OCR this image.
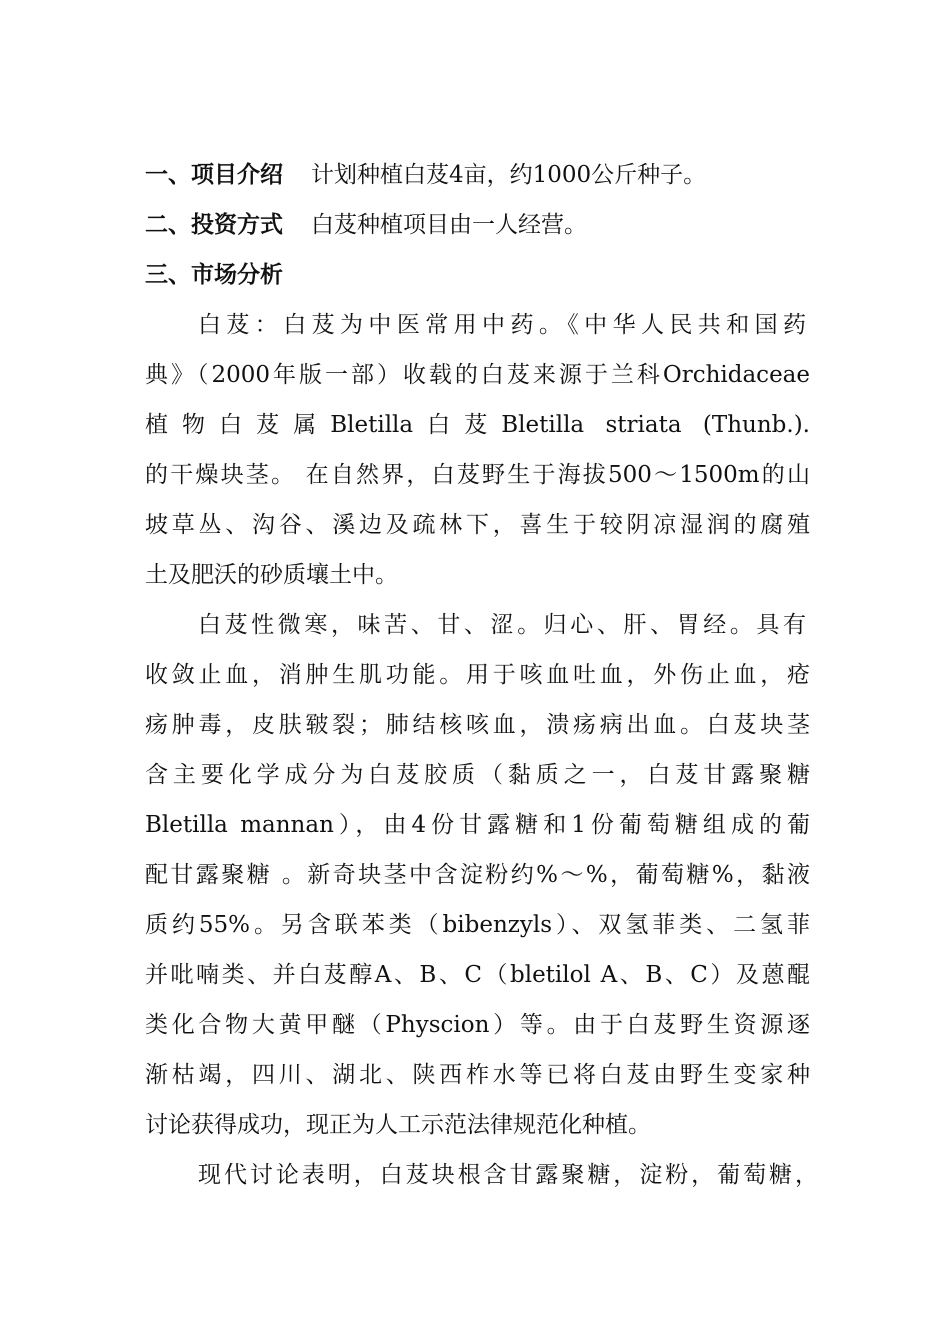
一、项目介绍 计划种植白芨4亩，约1000公斤种子。
二、投资方式 白芨种植项目由一人经营。
三、市场分析
白芨：白芨为中医常用中药。《中华人民共和国药
典》（2000年版一部）收载的白芨来源于兰科Orchidaceae
植物白芨属Bletilla白芨Bletilla striata (Thunb.).
的干燥块茎。 在自然界，白芨野生于海拔500～1500m的山
坡草丛、沟谷、溪边及疏林下，喜生于较阴凉湿润的腐殖
土及肥沃的砂质壤土中。
白芨性微寒，味苦、甘、涩。归心、肝、胃经。具有
收敛止血，消肿生肌功能。用于咳血吐血，外伤止血，疮
疡肿毒，皮肤皲裂；肺结核咳血，溃疡病出血。白芨块茎
含主要化学成分为白芨胶质（黏质之一，白芨甘露聚糖
Bletilla mannan），由4份甘露糖和1份葡萄糖组成的葡
配甘露聚糖 。新奇块茎中含淀粉约%～%，葡萄糖%，黏液
质约55%。另含联苯类（bibenzyls）、双氢菲类、二氢菲
并吡喃类、并白芨醇A、B、C（bletilol A、B、C）及蒽醌
类化合物大黄甲醚（Physcion）等。由于白芨野生资源逐
渐枯竭，四川、湖北、陕西柞水等已将白芨由野生变家种
讨论获得成功，现正为人工示范法律规范化种植。
现代讨论表明，白芨块根含甘露聚糖，淀粉，葡萄糖，
